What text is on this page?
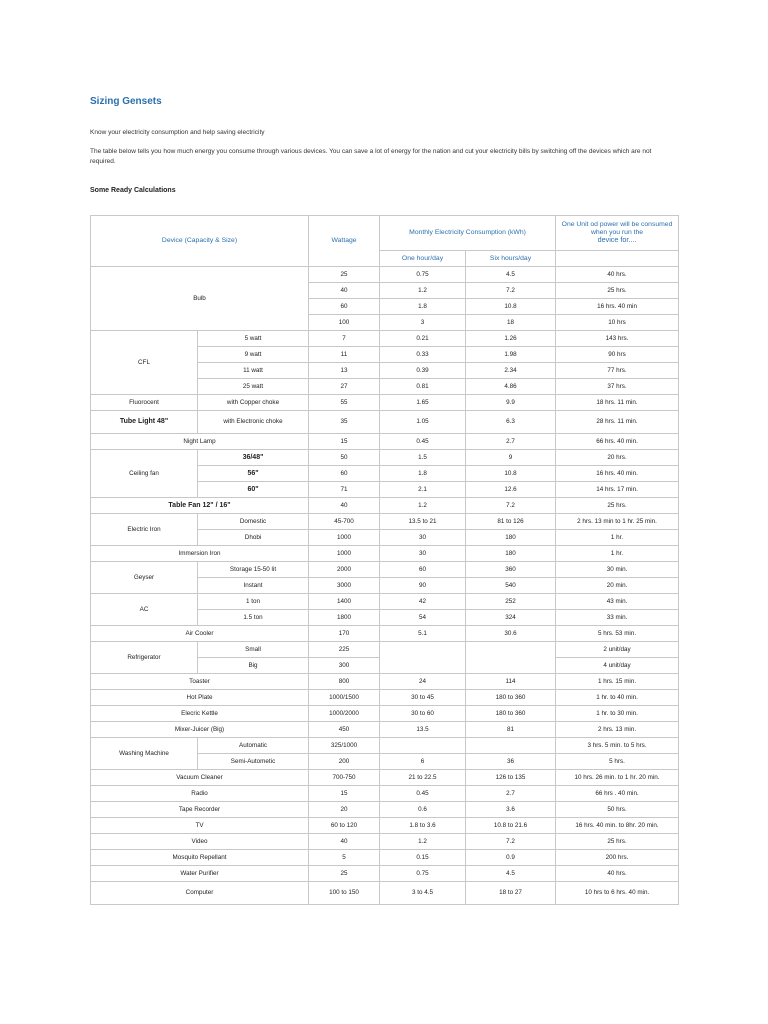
Sizing Gensets
Know your electricity consumption and help saving electricity
The table below tells you how much energy you consume through various devices. You can save a lot of energy for the nation and cut your electricity bills by switching off the devices which are not required.
Some Ready Calculations
Device (Capacity & Size)		Wattage	Monthly Electricity Consumption (kWh)		One Unit od power will be consumed when you run the
device for....
			One hour/day	Six hours/day	
Bulb		25	0.75	4.5	40 hrs.
		40	1.2	7.2	25 hrs.
		60	1.8	10.8	16 hrs. 40 min
		100	3	18	10 hrs
CFL	5 watt	7	0.21	1.26	143 hrs.
	9 watt	11	0.33	1.98	90 hrs
	11 watt	13	0.39	2.34	77 hrs.
	25 watt	27	0.81	4.86	37 hrs.
Fluorocent	with Copper choke	55	1.65	9.9	18 hrs. 11 min.
Tube Light 48"	with Electronic choke	35	1.05	6.3	28 hrs. 11 min.
Night Lamp		15	0.45	2.7	66 hrs. 40 min.
Ceiling fan	36/48"	50	1.5	9	20 hrs.
	56"	60	1.8	10.8	16 hrs. 40 min.
	60"	71	2.1	12.6	14 hrs. 17 min.
Table Fan 12" / 16"		40	1.2	7.2	25 hrs.
Electric Iron	Domestic	45-700	13.5 to 21	81 to 126	2 hrs. 13 min to 1 hr. 25 min.
	Dhobi	1000	30	180	1 hr.
Immersion Iron		1000	30	180	1 hr.
Geyser	Storage 15-50 lit	2000	60	360	30 min.
	Instant	3000	90	540	20 min.
AC	1 ton	1400	42	252	43 min.
	1.5 ton	1800	54	324	33 min.
Air Cooler		170	5.1	30.6	5 hrs. 53 min.
Refrigerator	Small	225			2 unit/day
	Big	300			4 unit/day
Toaster		800	24	114	1 hrs. 15 min.
Hot Plate		1000/1500	30 to 45	180 to 360	1 hr. to 40 min.
Elecric Kettle		1000/2000	30 to 60	180 to 360	1 hr. to 30 min.
Mixer-Juicer (Big)		450	13.5	81	2 hrs. 13 min.
Washing Machine	Automatic	325/1000			3 hrs. 5 min. to 5 hrs.
	Semi-Autometic	200	6	36	5 hrs.
Vacuum Cleaner		700-750	21 to 22.5	126 to 135	10 hrs. 26 min. to 1 hr. 20 min.
Radio		15	0.45	2.7	66 hrs . 40 min.
Tape Recorder		20	0.6	3.6	50 hrs.
TV		60 to 120	1.8 to 3.6	10.8 to 21.6	16 hrs. 40 min. to 8hr. 20 min.
Video		40	1.2	7.2	25 hrs.
Mosquito Repellant		5	0.15	0.9	200 hrs.
Water Purifier		25	0.75	4.5	40 hrs.
Computer		100 to 150	3 to 4.5	18 to 27	10 hrs to 6 hrs. 40 min.
